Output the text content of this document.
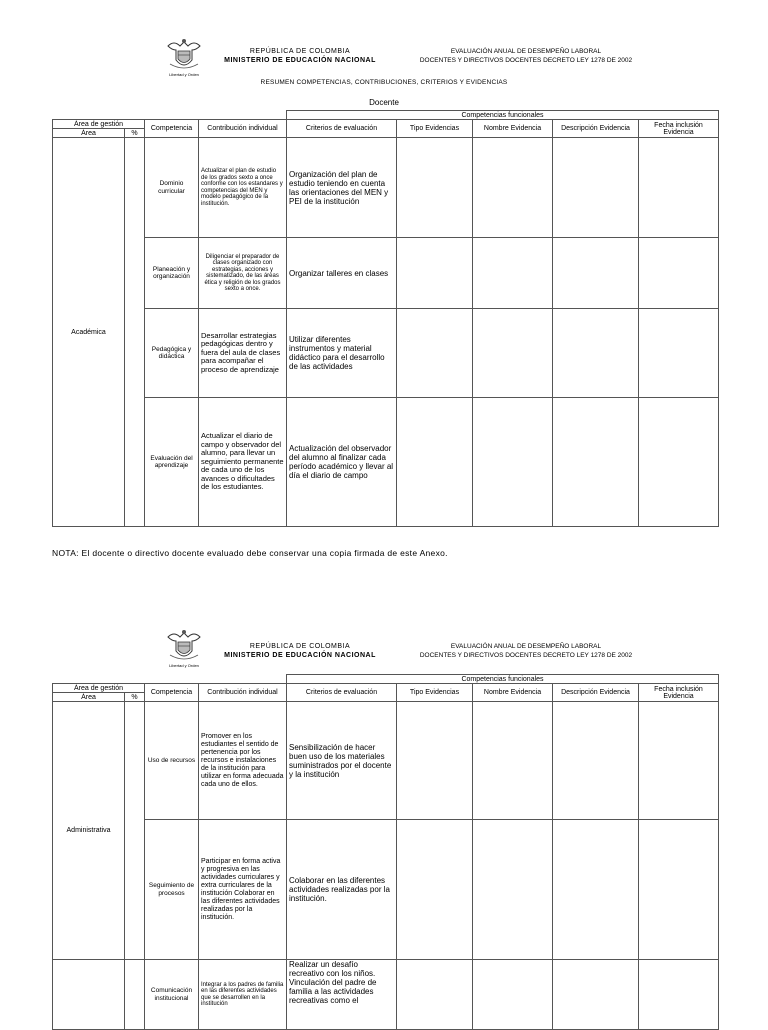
Libertad y Orden
REPÚBLICA DE COLOMBIA
MINISTERIO DE EDUCACIÓN NACIONAL
EVALUACIÓN ANUAL DE DESEMPEÑO LABORAL
DOCENTES Y DIRECTIVOS DOCENTES DECRETO LEY 1278 DE 2002
RESUMEN COMPETENCIAS, CONTRIBUCIONES, CRITERIOS Y EVIDENCIAS
Docente
				Competencias funcionales				
Área de gestión		Competencia	Contribución individual	Criterios de evaluación	Tipo Evidencias	Nombre Evidencia	Descripción Evidencia	Fecha inclusión Evidencia
Área	%							
Académica		Dominio curricular	Actualizar el plan de estudio de los grados sexto a once conforme con los estandares y competencias del MEN y modelo pedagógico de la institución.	Organización del plan de estudio teniendo en cuenta las orientaciones del MEN y PEI de la institución				
		Planeación y organización	Diligenciar el preparador de clases organizado con estrategias, acciones y sistematizado, de las áreas ética y religión de los grados sexto a once.	Organizar talleres en clases				
		Pedagógica y didáctica	Desarrollar estrategias pedagógicas dentro y fuera del aula de clases para acompañar el proceso de aprendizaje	Utilizar diferentes instrumentos y material didáctico para el desarrollo de las actividades				
		Evaluación del aprendizaje	Actualizar el diario de campo y observador del alumno, para llevar un seguimiento permanente de cada uno de los avances o dificultades de los estudiantes.	Actualización del observador del alumno al finalizar cada período académico y llevar al día el diario de campo				
NOTA: El docente o directivo docente evaluado debe conservar una copia firmada de este Anexo.
Libertad y Orden
REPÚBLICA DE COLOMBIA
MINISTERIO DE EDUCACIÓN NACIONAL
EVALUACIÓN ANUAL DE DESEMPEÑO LABORAL
DOCENTES Y DIRECTIVOS DOCENTES DECRETO LEY 1278 DE 2002
				Competencias funcionales				
Área de gestión		Competencia	Contribución individual	Criterios de evaluación	Tipo Evidencias	Nombre Evidencia	Descripción Evidencia	Fecha inclusión Evidencia
Área	%							
Administrativa		Uso de recursos	Promover en los estudiantes el sentido de pertenencia por los recursos e instalaciones de la institución para utilizar en forma adecuada cada uno de ellos.	Sensibilización de hacer buen uso de los materiales suministrados por el docente y la institución				
		Seguimiento de procesos	Participar en forma activa y progresiva en las actividades curriculares y extra curriculares de la institución Colaborar en las diferentes actividades realizadas por la institución.	Colaborar en las diferentes actividades realizadas por la institución.				
		Comunicación institucional	Integrar a los padres de familia en las diferentes actividades que se desarrollen en la institución	Realizar un desafío recreativo con los niños. Vinculación del padre de familia a las actividades recreativas como el				
